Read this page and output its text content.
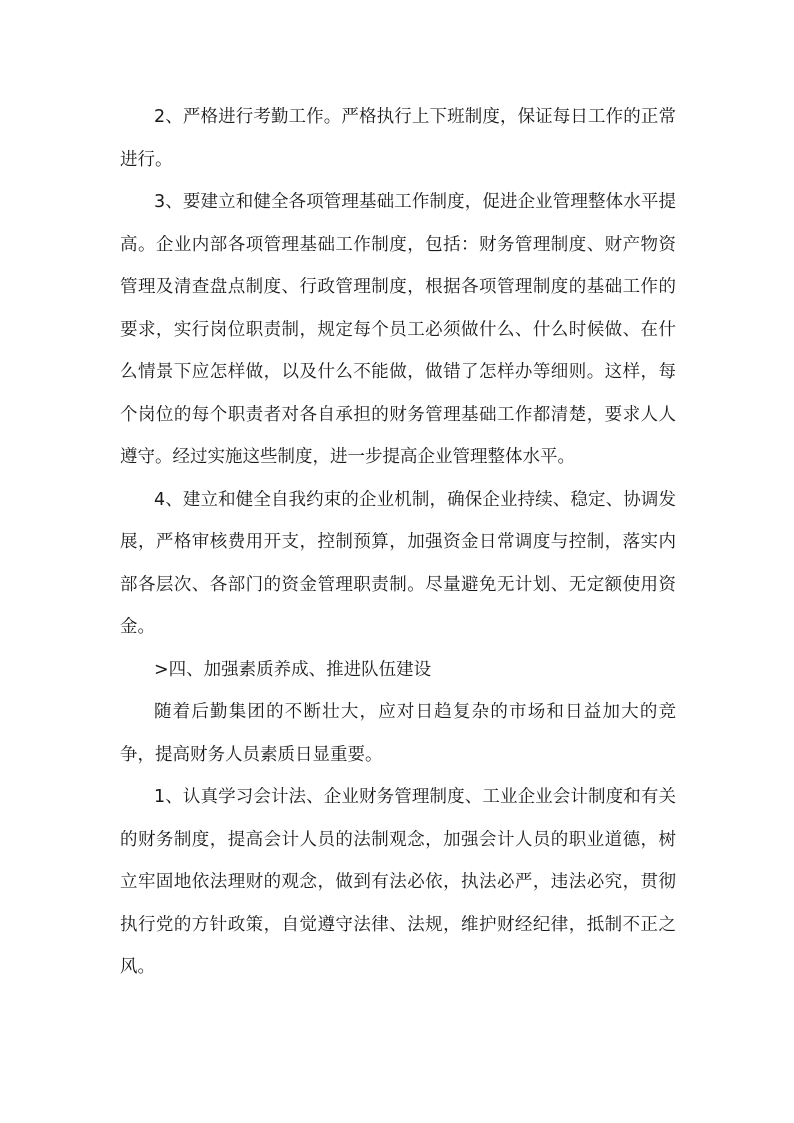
2、严格进行考勤工作。严格执行上下班制度，保证每日工作的正常进行。

3、要建立和健全各项管理基础工作制度，促进企业管理整体水平提高。企业内部各项管理基础工作制度，包括：财务管理制度、财产物资管理及清查盘点制度、行政管理制度，根据各项管理制度的基础工作的要求，实行岗位职责制，规定每个员工必须做什么、什么时候做、在什么情景下应怎样做，以及什么不能做，做错了怎样办等细则。这样，每个岗位的每个职责者对各自承担的财务管理基础工作都清楚，要求人人遵守。经过实施这些制度，进一步提高企业管理整体水平。

4、建立和健全自我约束的企业机制，确保企业持续、稳定、协调发展，严格审核费用开支，控制预算，加强资金日常调度与控制，落实内部各层次、各部门的资金管理职责制。尽量避免无计划、无定额使用资金。

>四、加强素质养成、推进队伍建设

随着后勤集团的不断壮大，应对日趋复杂的市场和日益加大的竞争，提高财务人员素质日显重要。

1、认真学习会计法、企业财务管理制度、工业企业会计制度和有关的财务制度，提高会计人员的法制观念，加强会计人员的职业道德，树立牢固地依法理财的观念，做到有法必依，执法必严，违法必究，贯彻执行党的方针政策，自觉遵守法律、法规，维护财经纪律，抵制不正之风。
